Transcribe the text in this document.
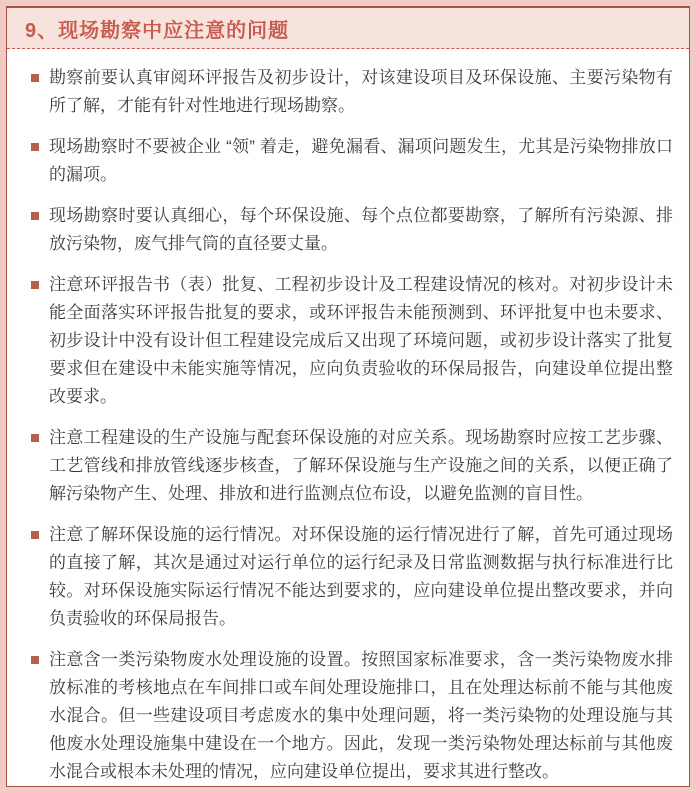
9、现场勘察中应注意的问题
勘察前要认真审阅环评报告及初步设计，对该建设项目及环保设施、主要污染物有所了解，才能有针对性地进行现场勘察。
现场勘察时不要被企业 “领” 着走，避免漏看、漏项问题发生，尤其是污染物排放口的漏项。
现场勘察时要认真细心，每个环保设施、每个点位都要勘察，了解所有污染源、排放污染物，废气排气筒的直径要丈量。
注意环评报告书（表）批复、工程初步设计及工程建设情况的核对。对初步设计未能全面落实环评报告批复的要求，或环评报告未能预测到、环评批复中也未要求、初步设计中没有设计但工程建设完成后又出现了环境问题，或初步设计落实了批复要求但在建设中未能实施等情况，应向负责验收的环保局报告，向建设单位提出整改要求。
注意工程建设的生产设施与配套环保设施的对应关系。现场勘察时应按工艺步骤、工艺管线和排放管线逐步核查，了解环保设施与生产设施之间的关系，以便正确了解污染物产生、处理、排放和进行监测点位布设，以避免监测的盲目性。
注意了解环保设施的运行情况。对环保设施的运行情况进行了解，首先可通过现场的直接了解，其次是通过对运行单位的运行纪录及日常监测数据与执行标准进行比较。对环保设施实际运行情况不能达到要求的，应向建设单位提出整改要求，并向负责验收的环保局报告。
注意含一类污染物废水处理设施的设置。按照国家标准要求，含一类污染物废水排放标准的考核地点在车间排口或车间处理设施排口，且在处理达标前不能与其他废水混合。但一些建设项目考虑废水的集中处理问题，将一类污染物的处理设施与其他废水处理设施集中建设在一个地方。因此，发现一类污染物处理达标前与其他废水混合或根本未处理的情况，应向建设单位提出，要求其进行整改。
